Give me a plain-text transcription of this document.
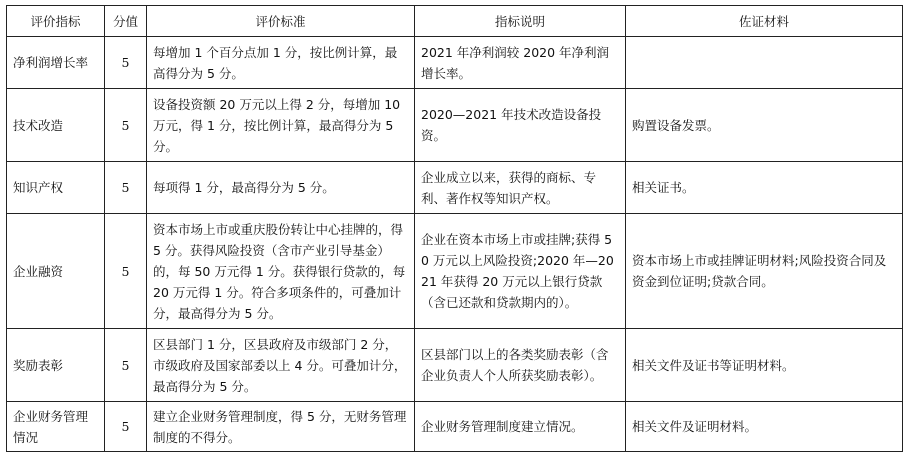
评价指标	分值	评价标准	指标说明	佐证材料
净利润增长率	5	每增加 1 个百分点加 1 分，按比例计算，最高得分为 5 分。	2021 年净利润较 2020 年净利润增长率。	
技术改造	5	设备投资额 20 万元以上得 2 分，每增加 10 万元，得 1 分，按比例计算，最高得分为 5 分。	2020—2021 年技术改造设备投资。	购置设备发票。
知识产权	5	每项得 1 分，最高得分为 5 分。	企业成立以来，获得的商标、专利、著作权等知识产权。	相关证书。
企业融资	5	资本市场上市或重庆股份转让中心挂牌的，得 5 分。获得风险投资（含市产业引导基金）的，每 50 万元得 1 分。获得银行贷款的，每 20 万元得 1 分。符合多项条件的，可叠加计分，最高得分为 5 分。	企业在资本市场上市或挂牌;获得 50 万元以上风险投资;2020 年—2021 年获得 20 万元以上银行贷款（含已还款和贷款期内的）。	资本市场上市或挂牌证明材料;风险投资合同及资金到位证明;贷款合同。
奖励表彰	5	区县部门 1 分，区县政府及市级部门 2 分，市级政府及国家部委以上 4 分。可叠加计分，最高得分为 5 分。	区县部门以上的各类奖励表彰（含企业负责人个人所获奖励表彰）。	相关文件及证书等证明材料。
企业财务管理情况	5	建立企业财务管理制度，得 5 分，无财务管理制度的不得分。	企业财务管理制度建立情况。	相关文件及证明材料。
